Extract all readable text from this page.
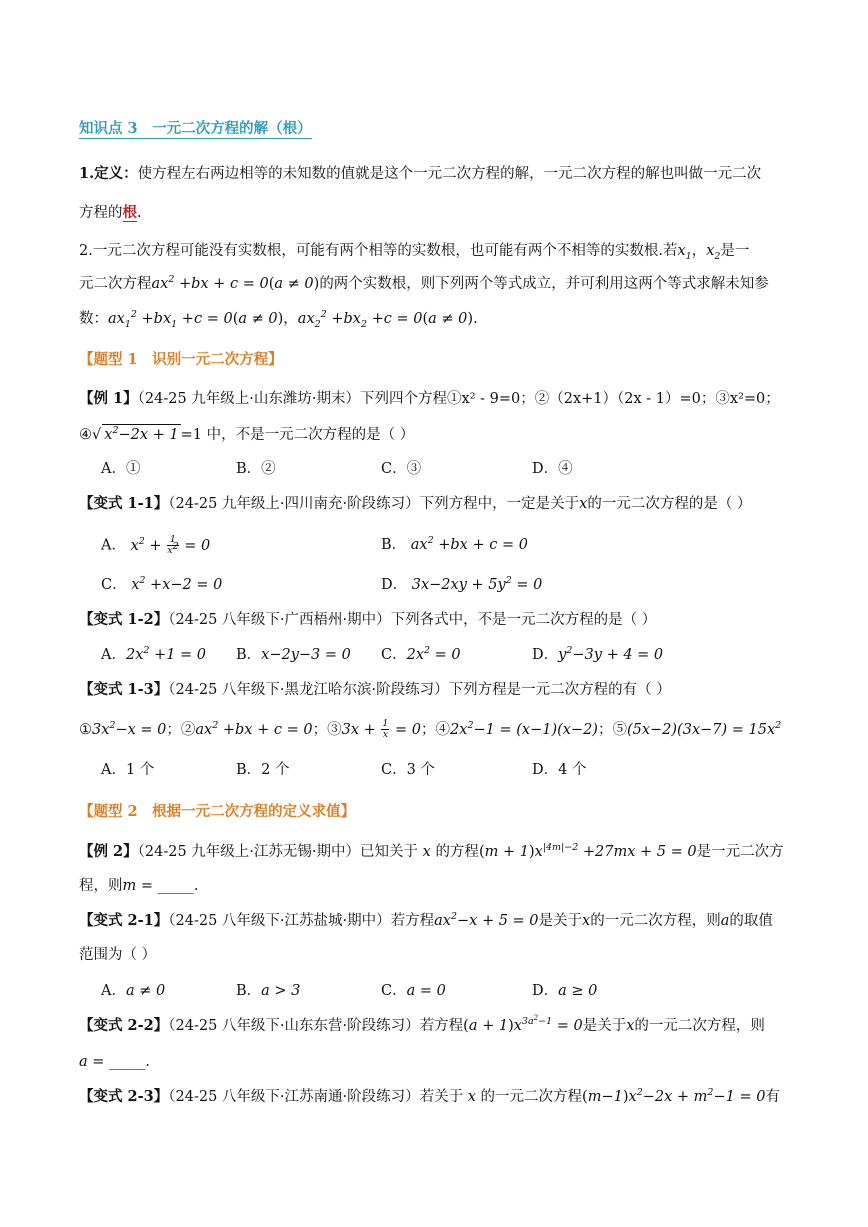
知识点 3　 一元二次方程的解（根）
1.定义：使方程左右两边相等的未知数的值就是这个一元二次方程的解，一元二次方程的解也叫做一元二次
方程的根.
2.一元二次方程可能没有实数根，可能有两个相等的实数根，也可能有两个不相等的实数根.若$x_1$，$x_2$是一
元二次方程$ax^2 +bx + c = 0(a \ne 0)$的两个实数根，则下列两个等式成立，并可利用这两个等式求解未知参
数：$ax_1^2 +bx_1 +c = 0(a \ne 0)$，$ax_2^2 +bx_2 +c = 0(a \ne 0)$.
【题型 1　识别一元二次方程】
【例 1】（24-25 九年级上·山东潍坊·期末）下列四个方程①x² ‑ 9=0；②（2x+1）（2x ‑ 1）=0；③x²=0；
④√ $x^2-2x + 1 =1$ 中，不是一元二次方程的是（ ）
A．①	B．②	C．③	D．④
【变式 1-1】（24-25 九年级上·四川南充·阶段练习）下列方程中，一定是关于x的一元二次方程的是（ ）
A． $x^2 + \frac{1}{x^2} = 0$	B． $ax^2 +bx + c = 0$
C． $x^2 +x-2 = 0$	D． $3x-2xy + 5y^2 = 0$
【变式 1-2】（24-25 八年级下·广西梧州·期中）下列各式中，不是一元二次方程的是（ ）
A．$2x^2 +1 = 0$ B．x−2y−3 = 0 C．$2x^2 = 0$	D．$y^2-3y + 4 = 0$
【变式 1-3】（24-25 八年级下·黑龙江哈尔滨·阶段练习）下列方程是一元二次方程的有（ ）
$①3x^2-x = 0$；$②ax^2 +bx + c = 0$；③3x + $\frac{1}{x} = 0$；$④2x^2-1 = (x-1)(x-2)$；⑤(5x−2)(3x−7) = $15x^2$
A．1 个	B．2 个	C．3 个	D．4 个
【题型 2　根据一元二次方程的定义求值】
【例 2】（24-25 九年级上·江苏无锡·期中）已知关于 x 的方程$(m + 1)x^{|4m|-2} +27mx + 5 = 0$是一元二次方
程，则m = _____.
【变式 2-1】（24-25 八年级下·江苏盐城·期中）若方程$ax^2-x + 5 = 0$是关于x的一元二次方程，则a的取值
范围为（ ）
A．a ≠ 0	B．a > 3	C．a = 0	D．a ≥ 0
【变式 2-2】（24-25 八年级下·山东东营·阶段练习）若方程$(a + 1)x^{3a^2-1} = 0$是关于x的一元二次方程，则
a = _____.
【变式 2-3】（24-25 八年级下·江苏南通·阶段练习）若关于 x 的一元二次方程$(m-1)x^2-2x + m^2-1 = 0$有
